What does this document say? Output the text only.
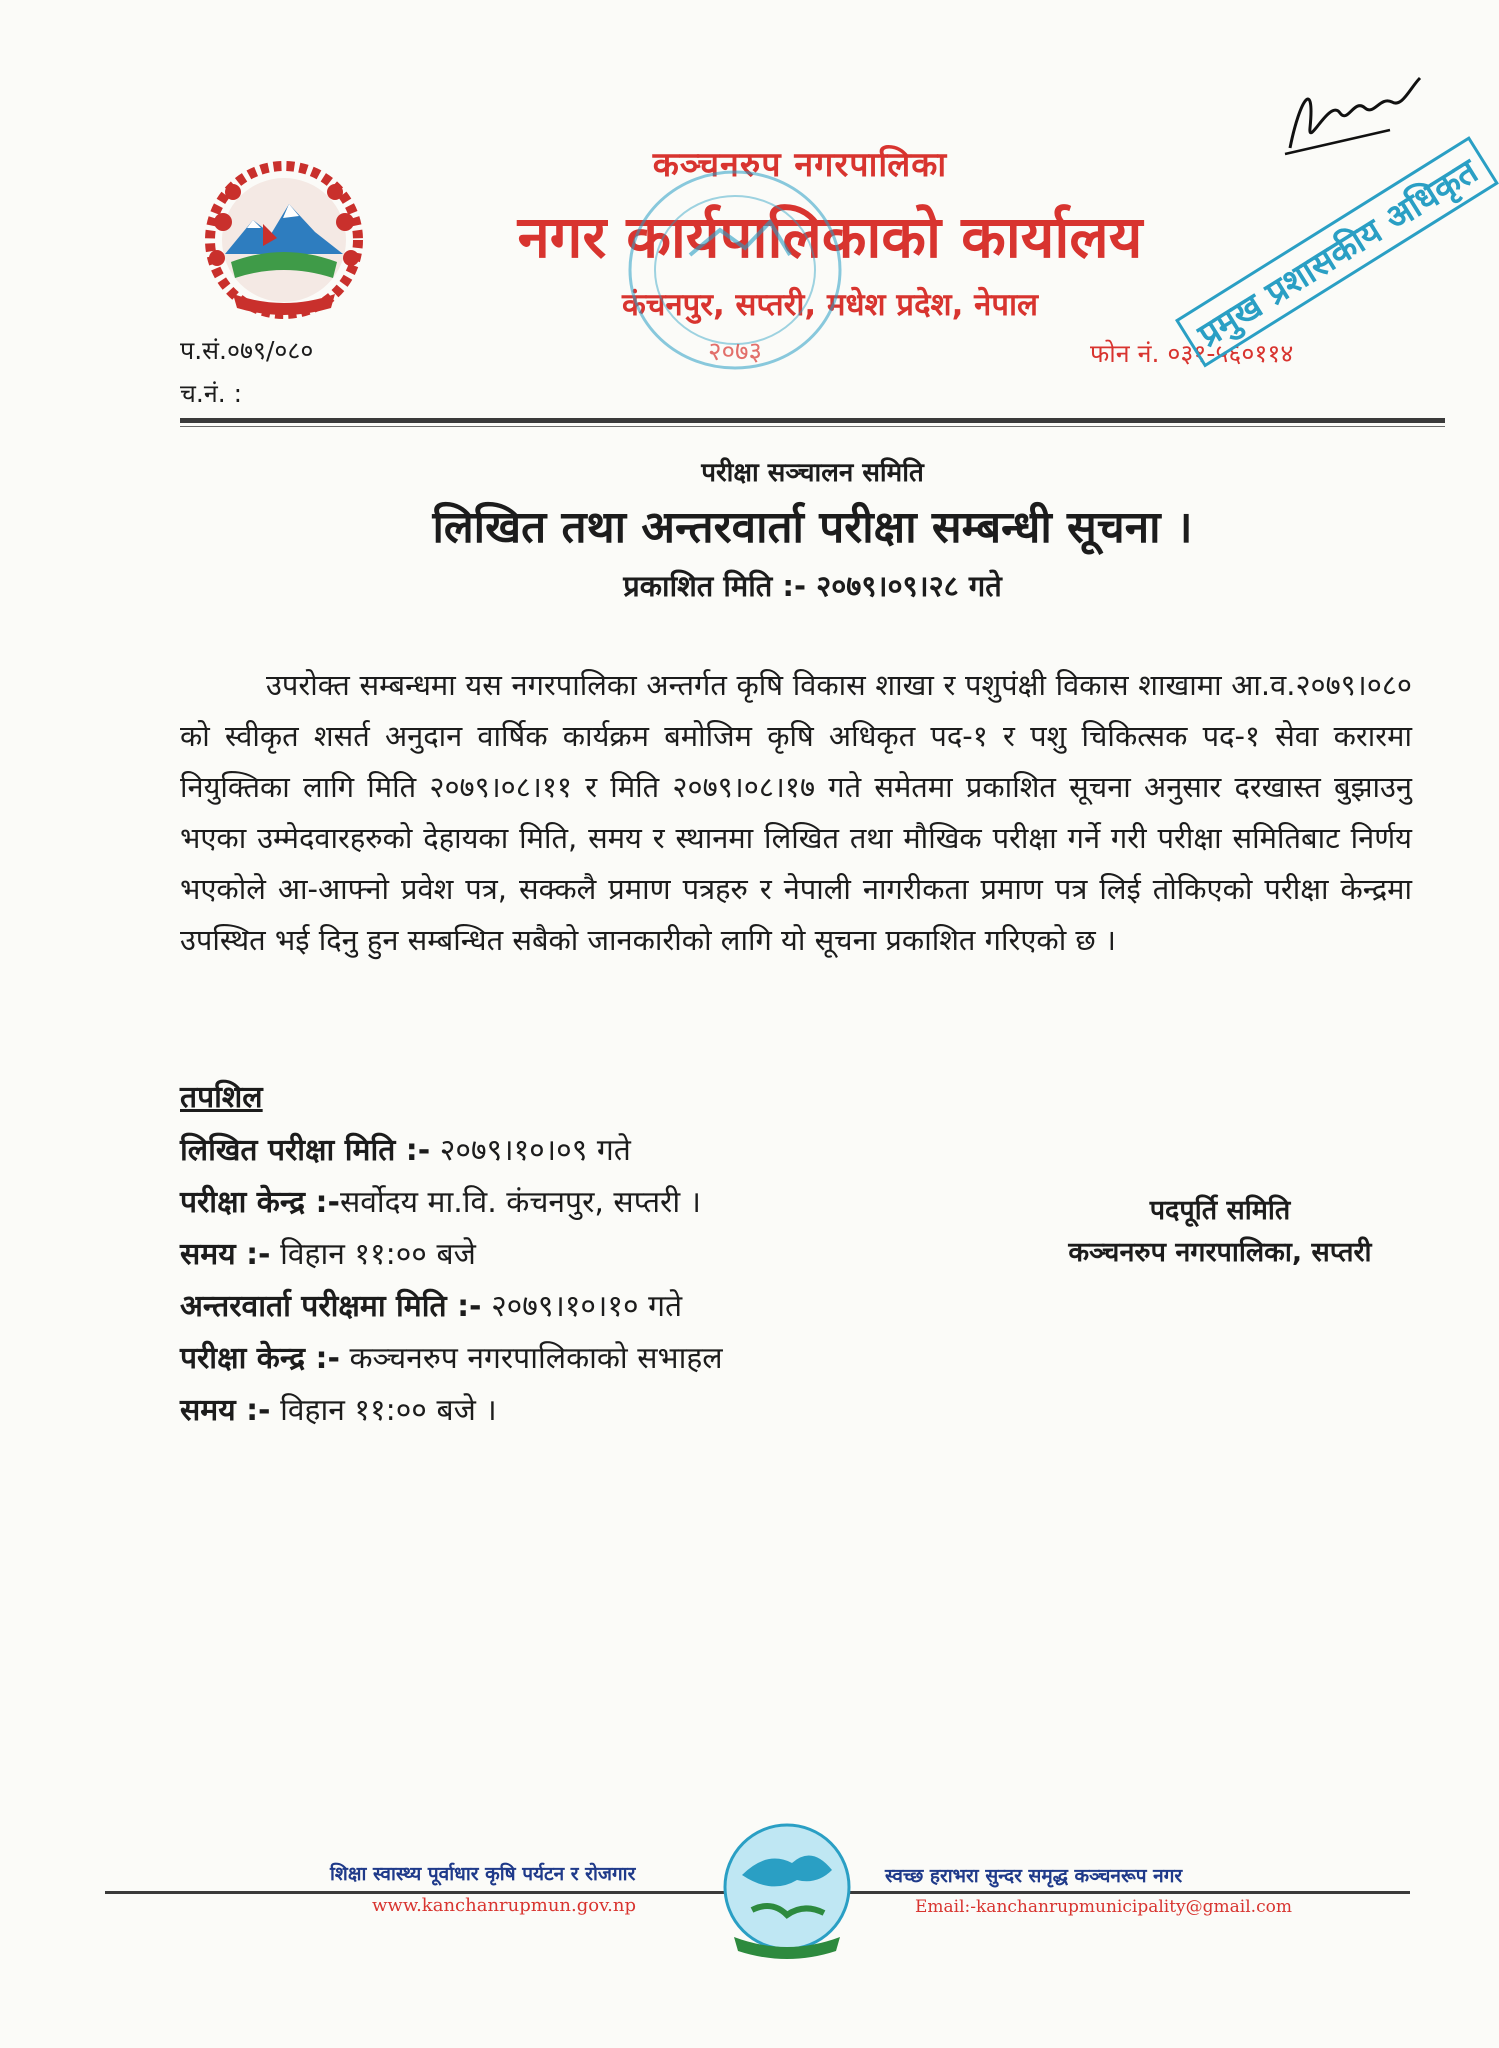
कञ्चनरुप नगरपालिका
नगर कार्यपालिकाको कार्यालय
कंचनपुर, सप्तरी, मधेश प्रदेश, नेपाल
प.सं.०७९/०८०
च.नं. :
फोन नं. ०३१-५६०११४
२०७३	प्रमुख प्रशासकीय अधिकृत
परीक्षा सञ्चालन समिति
लिखित तथा अन्तरवार्ता परीक्षा सम्बन्धी सूचना ।
प्रकाशित मिति :- २०७९।०९।२८ गते
उपरोक्त सम्बन्धमा यस नगरपालिका अन्तर्गत कृषि विकास शाखा र पशुपंक्षी विकास शाखामा आ.व.२०७९।०८० को स्वीकृत शसर्त अनुदान वार्षिक कार्यक्रम बमोजिम कृषि अधिकृत पद-१ र पशु चिकित्सक पद-१ सेवा करारमा नियुक्तिका लागि मिति २०७९।०८।११ र मिति २०७९।०८।१७ गते समेतमा प्रकाशित सूचना अनुसार दरखास्त बुझाउनु भएका उम्मेदवारहरुको देहायका मिति, समय र स्थानमा लिखित तथा मौखिक परीक्षा गर्ने गरी परीक्षा समितिबाट निर्णय भएकोले आ-आफ्नो प्रवेश पत्र, सक्कलै प्रमाण पत्रहरु र नेपाली नागरीकता प्रमाण पत्र लिई तोकिएको परीक्षा केन्द्रमा उपस्थित भई दिनु हुन सम्बन्धित सबैको जानकारीको लागि यो सूचना प्रकाशित गरिएको छ ।
तपशिल
लिखित परीक्षा मिति :- २०७९।१०।०९ गते
परीक्षा केन्द्र :-सर्वोदय मा.वि. कंचनपुर, सप्तरी ।
समय :- विहान ११:०० बजे
अन्तरवार्ता परीक्षमा मिति :- २०७९।१०।१० गते
परीक्षा केन्द्र :- कञ्चनरुप नगरपालिकाको सभाहल
समय :- विहान ११:०० बजे ।
पदपूर्ति समिति
कञ्चनरुप नगरपालिका, सप्तरी
शिक्षा स्वास्थ्य पूर्वाधार कृषि पर्यटन र रोजगार
www.kanchanrupmun.gov.np
स्वच्छ हराभरा सुन्दर समृद्ध कञ्चनरूप नगर
Email:-kanchanrupmunicipality@gmail.com
